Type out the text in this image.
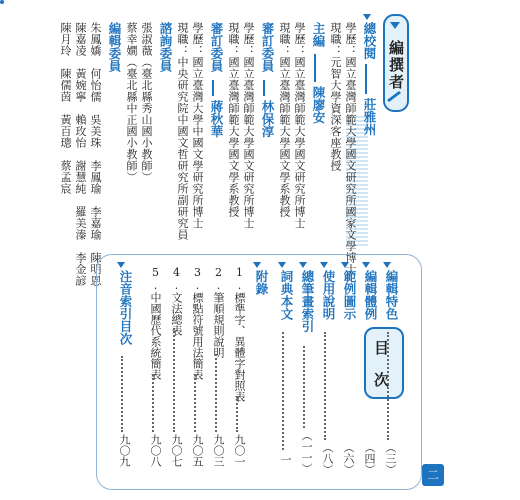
編撰者
總校閱
莊雅州
學歷：國立臺灣師範大學國文研究所國家文學博士
現職：元智大學資深客座教授
主編
陳廖安
學歷：國立臺灣師範大學國文研究所博士
現職：國立臺灣師範大學國文學系教授
審訂委員
林保淳
學歷：國立臺灣師範大學國文研究所博士
現職：國立臺灣師範大學國文學系教授
審訂委員
蔣秋華
學歷：國立臺灣大學中國文學研究所博士
現職：中央研究院中國文哲研究所副研究員
諮詢委員
張淑薇（臺北縣秀山國小教師）
蔡幸嫺（臺北縣中正國小教師）
編輯委員
朱鳳嬌　何怡儒　吳美珠　李鳳瑜　李嘉瑜　陳明恩
陳嘉凌　黃婉寧　賴玫怡　謝慧純　羅美溱　李金諺
陳月玲　陳儒茵　黃百璁　蔡孟宸
目
次
編輯特色
（三）
編輯體例
（四）
範例圖示
（六）
使用說明
（八）
總筆畫索引
（一一）
詞典本文
一
附錄
1.標準字、異體字對照表
九〇一
2.筆順規則說明
九〇三
3.標點符號用法簡表
九〇五
4.文法總表
九〇七
5.中國歷代系統簡表
九〇八
注音索引目次
九〇九
二
